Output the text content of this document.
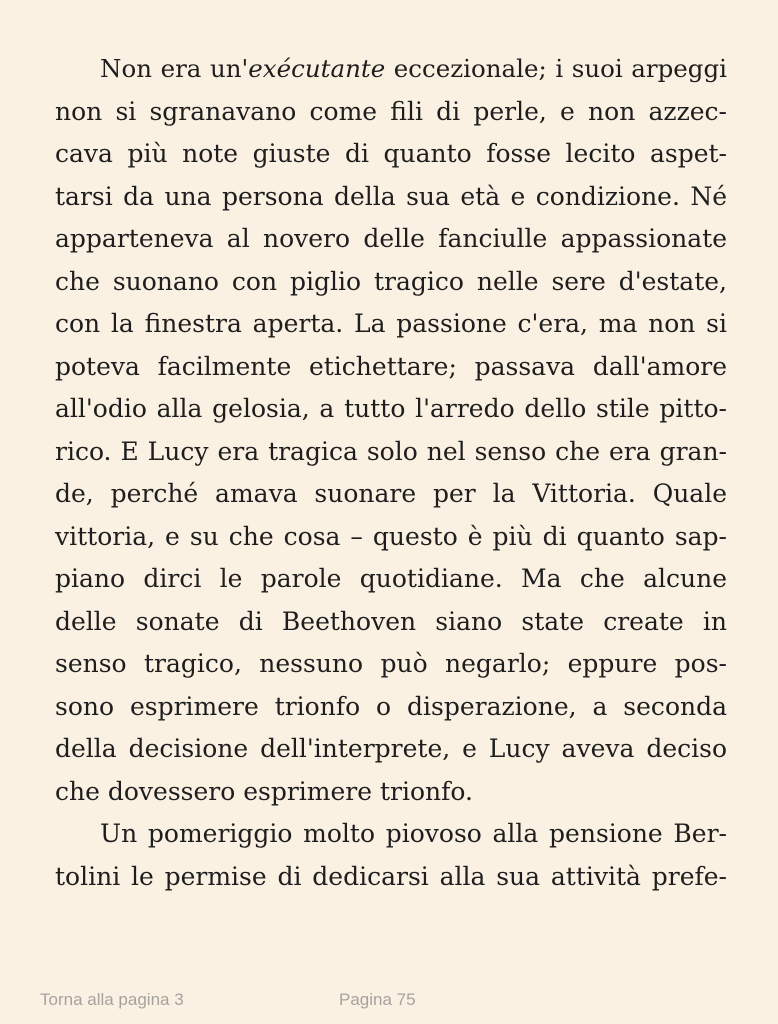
Non era un'exécutante eccezionale; i suoi arpeggi
non si sgranavano come fili di perle, e non azzec-
cava più note giuste di quanto fosse lecito aspet-
tarsi da una persona della sua età e condizione. Né
apparteneva al novero delle fanciulle appassionate
che suonano con piglio tragico nelle sere d'estate,
con la finestra aperta. La passione c'era, ma non si
poteva facilmente etichettare; passava dall'amore
all'odio alla gelosia, a tutto l'arredo dello stile pitto-
rico. E Lucy era tragica solo nel senso che era gran-
de, perché amava suonare per la Vittoria. Quale
vittoria, e su che cosa – questo è più di quanto sap-
piano dirci le parole quotidiane. Ma che alcune
delle sonate di Beethoven siano state create in
senso tragico, nessuno può negarlo; eppure pos-
sono esprimere trionfo o disperazione, a seconda
della decisione dell'interprete, e Lucy aveva deciso
che dovessero esprimere trionfo.
Un pomeriggio molto piovoso alla pensione Ber-
tolini le permise di dedicarsi alla sua attività prefe-
Torna alla pagina 3	Pagina 75
